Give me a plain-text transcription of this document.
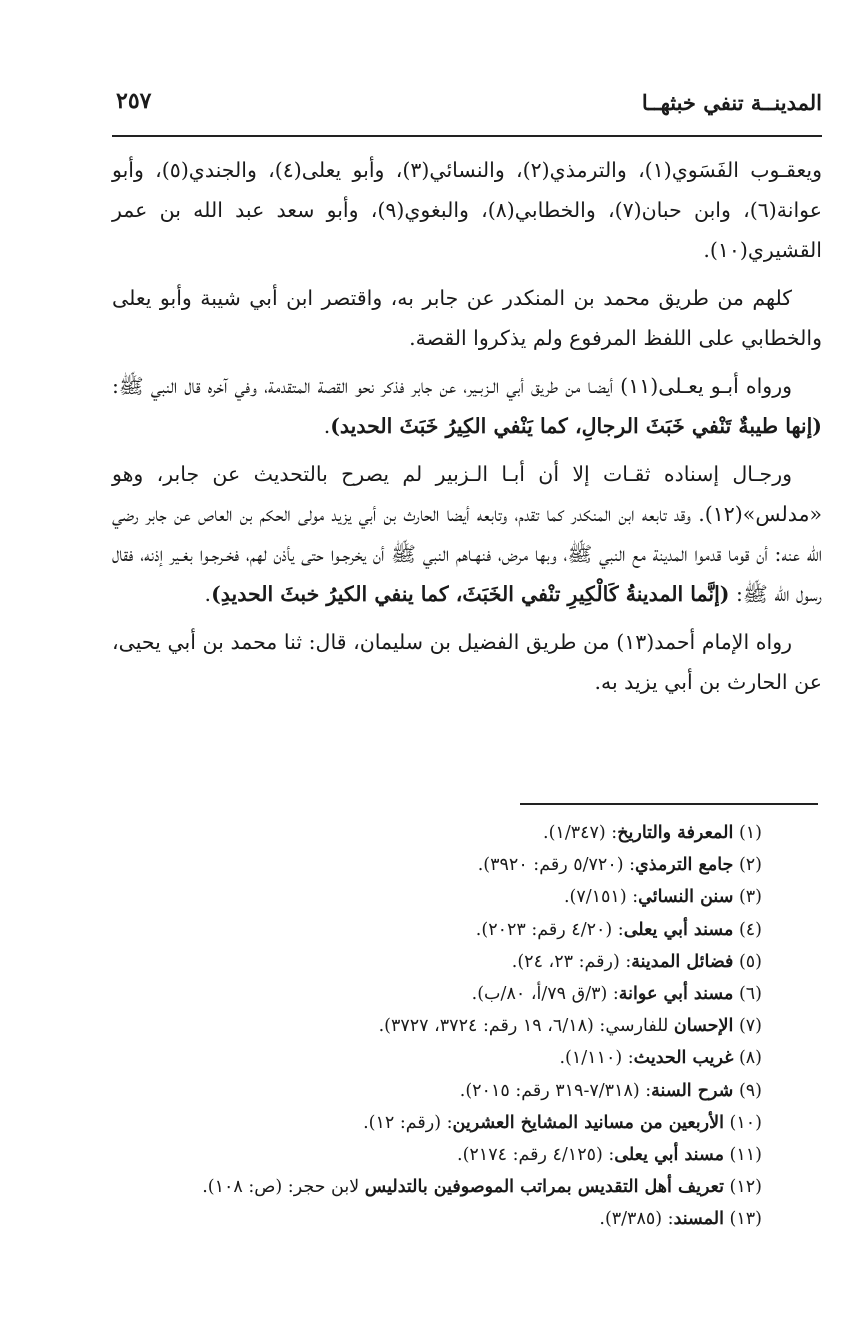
المدينــة تنفي خبثهــا
٢٥٧

ويعقـوب الفَسَوي(١)، والترمذي(٢)، والنسائي(٣)، وأبو يعلى(٤)، والجندي(٥)، وأبو عوانة(٦)، وابن حبان(٧)، والخطابي(٨)، والبغوي(٩)، وأبو سعد عبد الله بن عمر القشيري(١٠).

كلهم من طريق محمد بن المنكدر عن جابر به، واقتصر ابن أبي شيبة وأبو يعلى والخطابي على اللفظ المرفوع ولم يذكروا القصة.

ورواه أبـو يعـلى(١١) أيضـا من طريق أبي الـزبـير، عن جابر فذكر نحو القصة المتقدمة، وفي آخره قال النبي ﷺ: (إنها طيبةٌ تَنْفي خَبَثَ الرجالِ، كما يَنْفي الكِيرُ خَبَثَ الحديد).

ورجـال إسناده ثقـات إلا أن أبـا الـزبير لم يصرح بالتحديث عن جابر، وهو «مدلس»(١٢). وقد تابعه ابن المنكدر كما تقدم، وتابعه أيضا الحارث بن أبي يزيد مولى الحكم بن العاص عن جابر رضي الله عنه: أن قوما قدموا المدينة مع النبي ﷺ، وبها مرض، فنهـاهم النبي ﷺ أن يخرجـوا حتى يأذن لهم، فخـرجـوا بغـير إذنه، فقال رسول الله ﷺ: (إنَّما المدينةُ كَالْكِيرِ تنْفي الخَبَثَ، كما ينفي الكيرُ خبثَ الحديدِ).

رواه الإمام أحمد(١٣) من طريق الفضيل بن سليمان، قال: ثنا محمد بن أبي يحيى، عن الحارث بن أبي يزيد به.

(١) المعرفة والتاريخ: (١/٣٤٧).
(٢) جامع الترمذي: (٥/٧٢٠ رقم: ٣٩٢٠).
(٣) سنن النسائي: (٧/١٥١).
(٤) مسند أبي يعلى: (٤/٢٠ رقم: ٢٠٢٣).
(٥) فضائل المدينة: (رقم: ٢٣، ٢٤).
(٦) مسند أبي عوانة: (٣/ق ٧٩/أ، ٨٠/ب).
(٧) الإحسان للفارسي: (٦/١٨، ١٩ رقم: ٣٧٢٤، ٣٧٢٧).
(٨) غريب الحديث: (١/١١٠).
(٩) شرح السنة: (٧/٣١٨-٣١٩ رقم: ٢٠١٥).
(١٠) الأربعين من مسانيد المشايخ العشرين: (رقم: ١٢).
(١١) مسند أبي يعلى: (٤/١٢٥ رقم: ٢١٧٤).
(١٢) تعريف أهل التقديس بمراتب الموصوفين بالتدليس لابن حجر: (ص: ١٠٨).
(١٣) المسند: (٣/٣٨٥).
